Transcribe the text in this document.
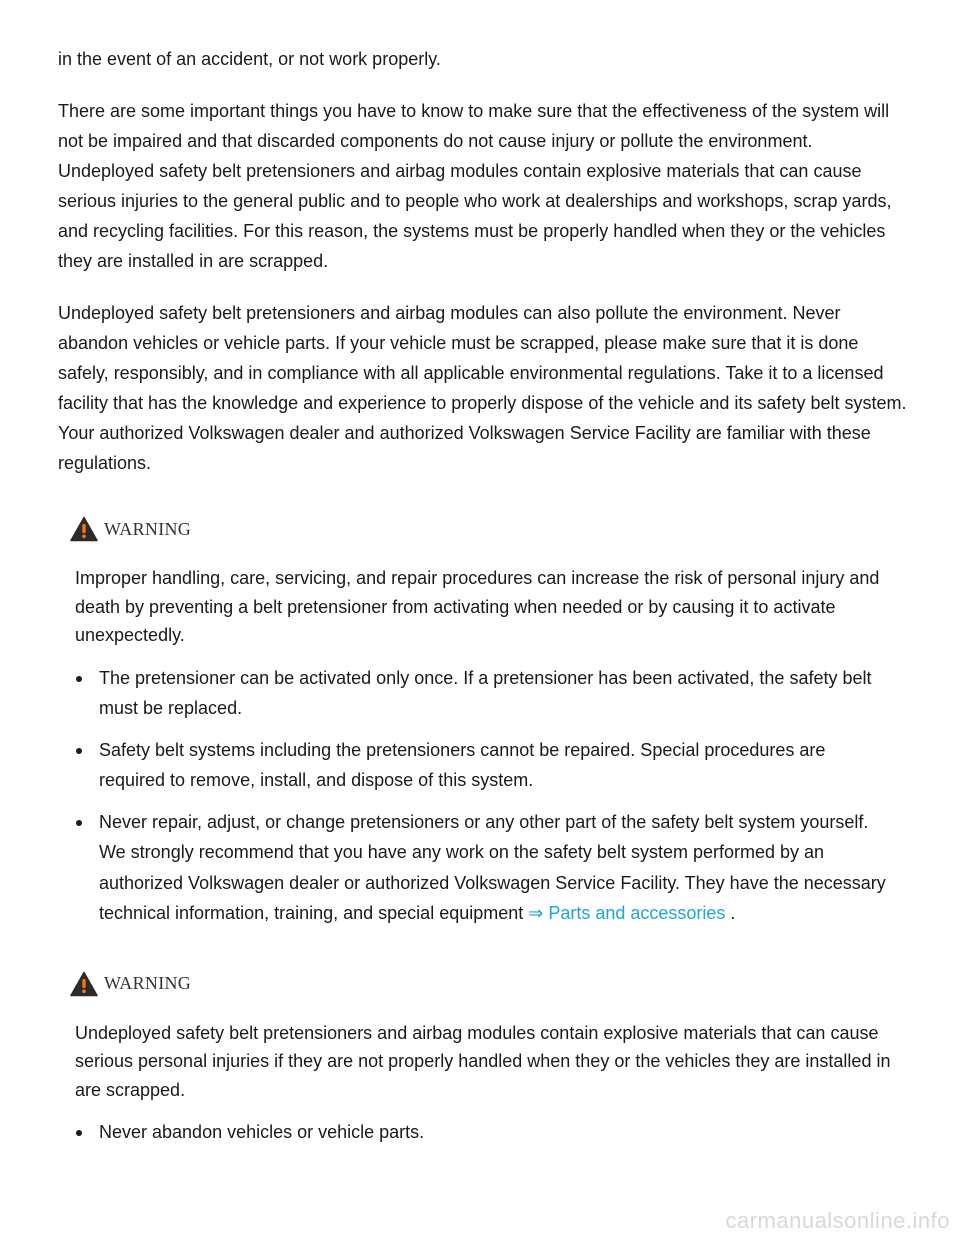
in the event of an accident, or not work properly.

There are some important things you have to know to make sure that the effectiveness of the system will not be impaired and that discarded components do not cause injury or pollute the environment. Undeployed safety belt pretensioners and airbag modules contain explosive materials that can cause serious injuries to the general public and to people who work at dealerships and workshops, scrap yards, and recycling facilities. For this reason, the systems must be properly handled when they or the vehicles they are installed in are scrapped.

Undeployed safety belt pretensioners and airbag modules can also pollute the environment. Never abandon vehicles or vehicle parts. If your vehicle must be scrapped, please make sure that it is done safely, responsibly, and in compliance with all applicable environmental regulations. Take it to a licensed facility that has the knowledge and experience to properly dispose of the vehicle and its safety belt system. Your authorized Volkswagen dealer and authorized Volkswagen Service Facility are familiar with these regulations.

WARNING

Improper handling, care, servicing, and repair procedures can increase the risk of personal injury and death by preventing a belt pretensioner from activating when needed or by causing it to activate unexpectedly.

The pretensioner can be activated only once. If a pretensioner has been activated, the safety belt must be replaced.
Safety belt systems including the pretensioners cannot be repaired. Special procedures are required to remove, install, and dispose of this system.
Never repair, adjust, or change pretensioners or any other part of the safety belt system yourself. We strongly recommend that you have any work on the safety belt system performed by an authorized Volkswagen dealer or authorized Volkswagen Service Facility. They have the necessary technical information, training, and special equipment ⇒ Parts and accessories .
WARNING

Undeployed safety belt pretensioners and airbag modules contain explosive materials that can cause serious personal injuries if they are not properly handled when they or the vehicles they are installed in are scrapped.

Never abandon vehicles or vehicle parts.
carmanualsonline.info
